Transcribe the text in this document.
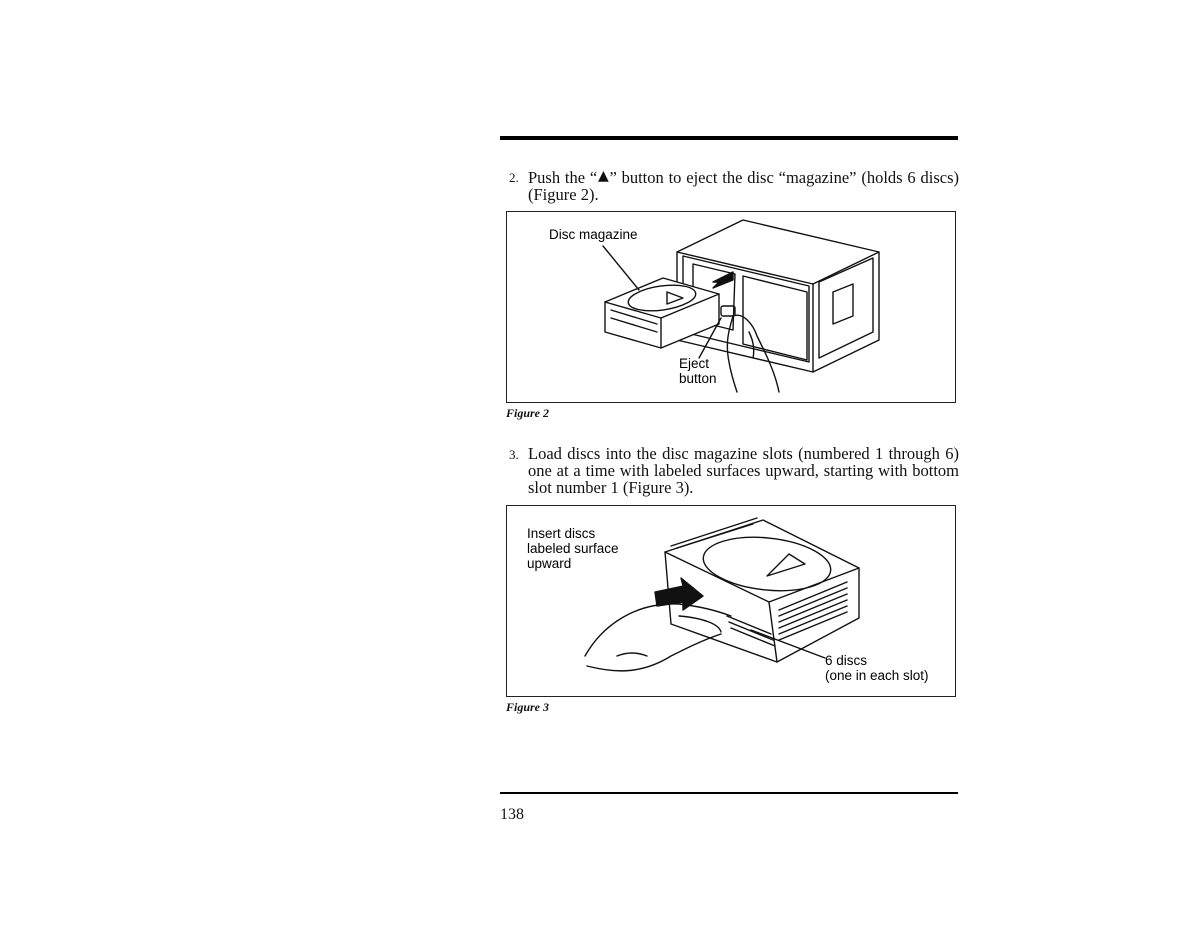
2. Push the “▲” button to eject the disc “magazine” (holds 6 discs) (Figure 2).
Disc magazine
Eject
button
Figure 2
3. Load discs into the disc magazine slots (numbered 1 through 6) one at a time with labeled surfaces upward, starting with bottom slot number 1 (Figure 3).
Insert discs
labeled surface
upward
6 discs
(one in each slot)
Figure 3
138
